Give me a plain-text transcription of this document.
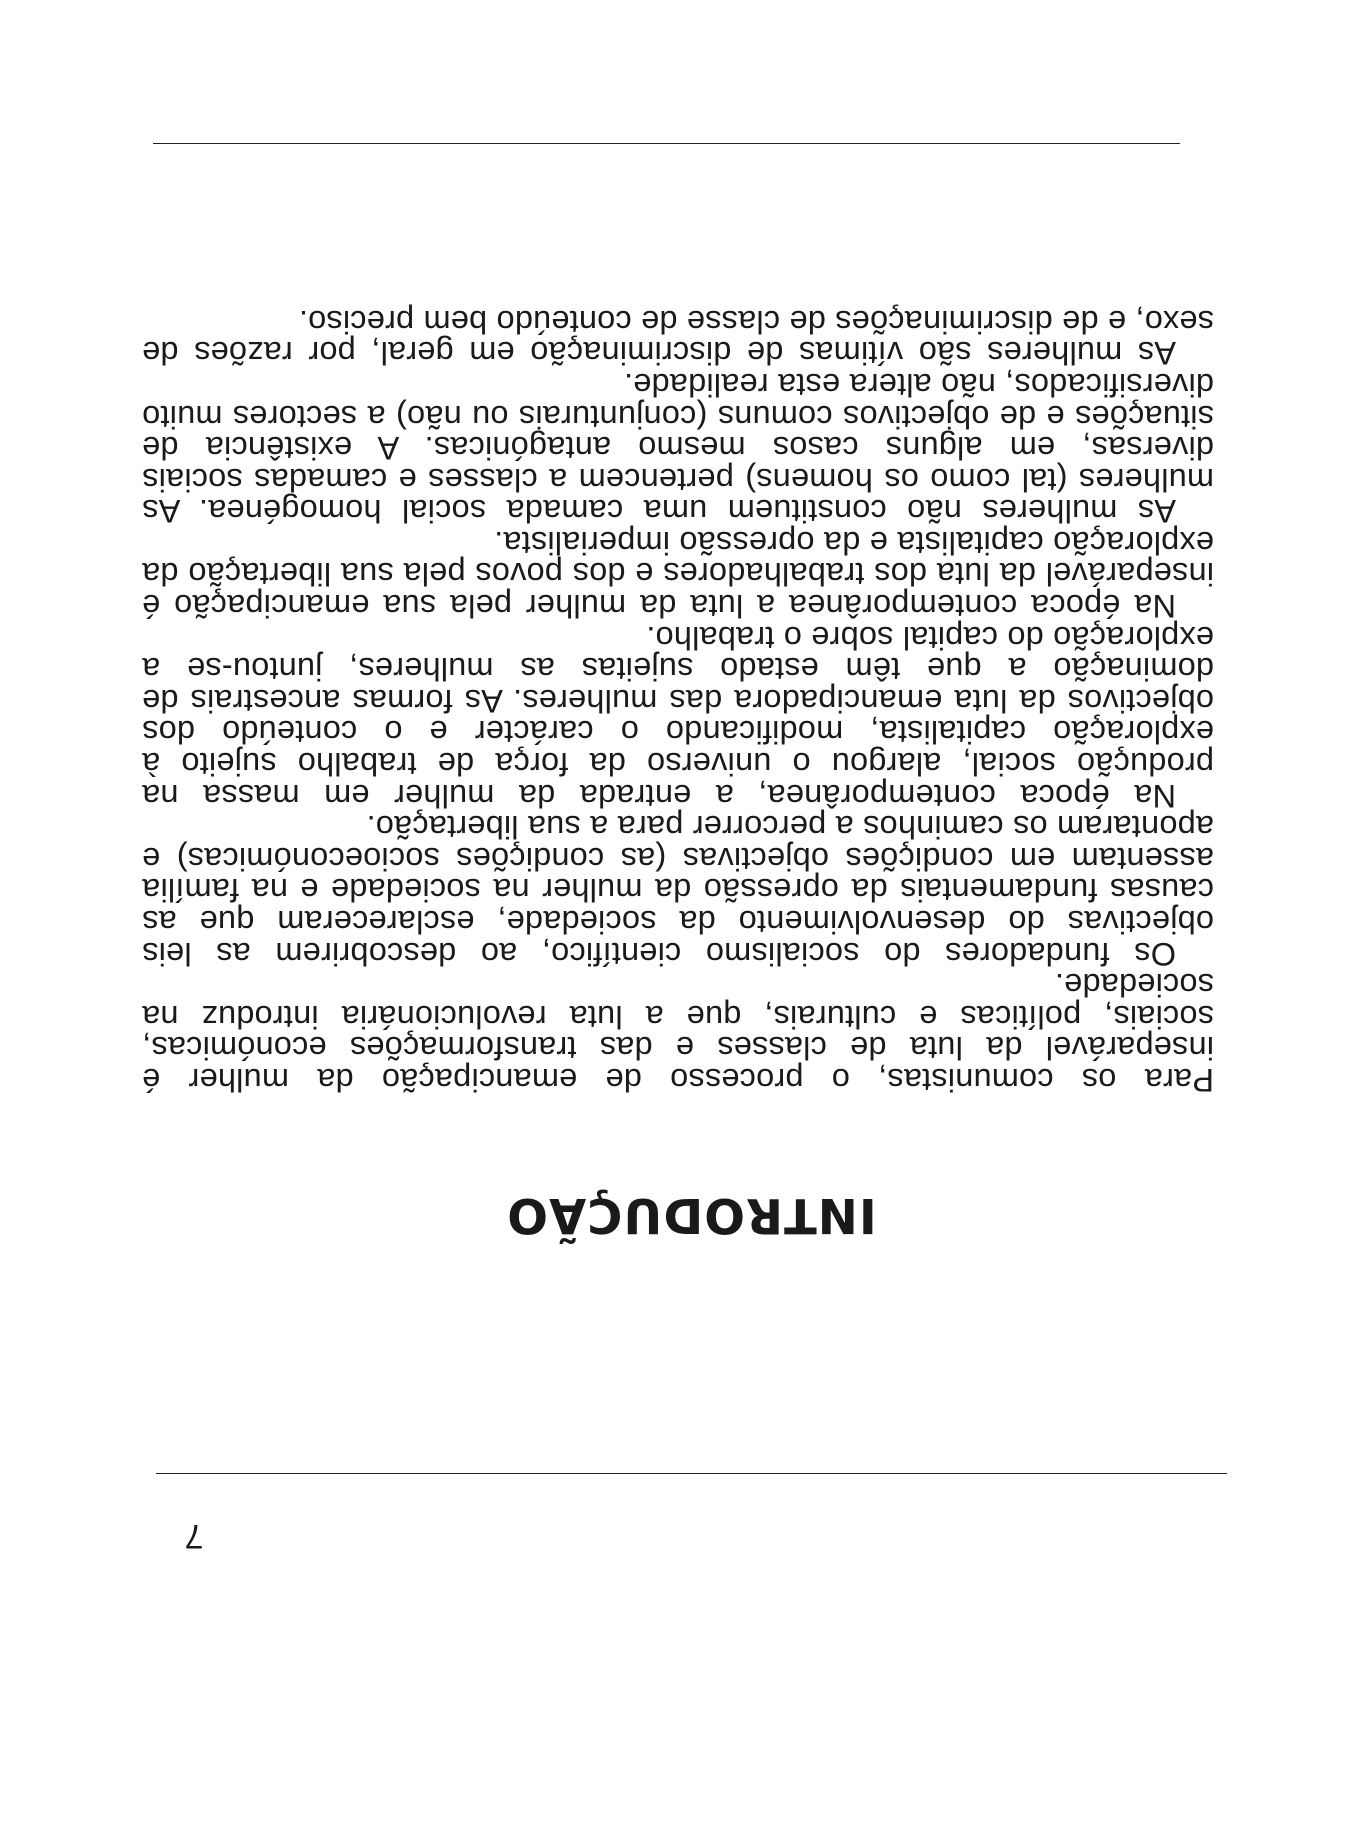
7
INTRODUÇÃO

Para os comunistas, o processo de emancipação da mulher é inseparável da luta de classes e das transformações económicas, sociais, políticas e culturais, que a luta revolucionária introduz na sociedade.

Os fundadores do socialismo científico, ao descobrirem as leis objectivas do desenvolvimento da sociedade, esclareceram que as causas fundamentais da opressão da mulher na sociedade e na família assentam em condições objectivas (as condições socioeconómicas) e apontaram os caminhos a percorrer para a sua libertação.

Na época contemporânea, a entrada da mulher em massa na produção social, alargou o universo da força de trabalho sujeito à exploração capitalista, modificando o carácter e o conteúdo dos objectivos da luta emancipadora das mulheres. As formas ancestrais de dominação a que têm estado sujeitas as mulheres, juntou-se a exploração do capital sobre o trabalho.

Na época contemporânea a luta da mulher pela sua emancipação é inseparável da luta dos trabalhadores e dos povos pela sua libertação da exploração capitalista e da opressão imperialista.

As mulheres não constituem uma camada social homogénea. As mulheres (tal como os homens) pertencem a classes e camadas sociais diversas, em alguns casos mesmo antagónicas. A existência de situações e de objectivos comuns (conjunturais ou não) a sectores muito diversificados, não altera esta realidade.

As mulheres são vítimas de discriminação em geral, por razões de sexo, e de discriminações de classe de conteúdo bem preciso.
